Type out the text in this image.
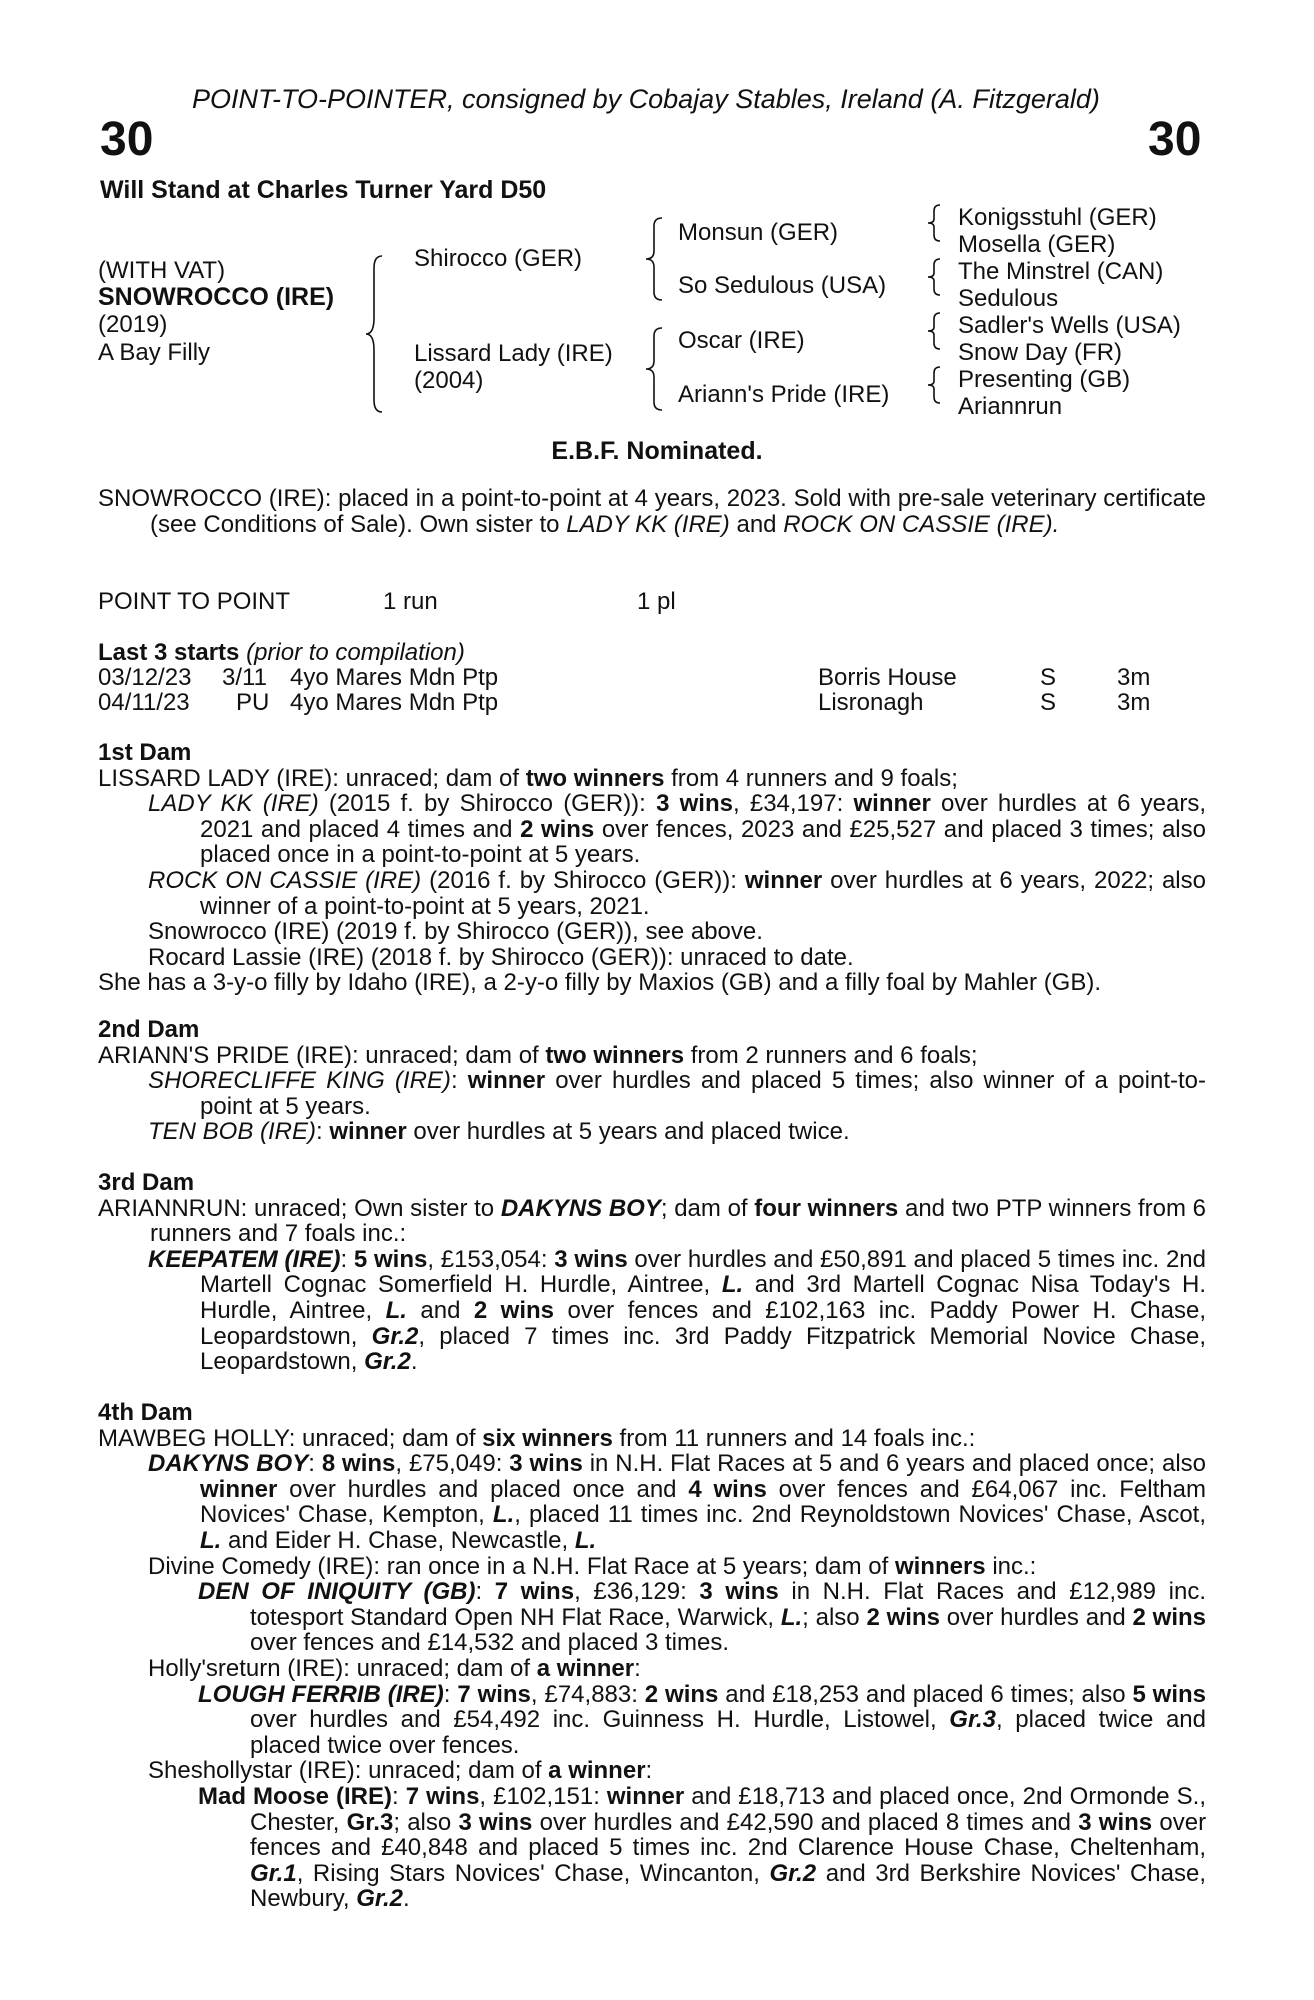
POINT-TO-POINTER, consigned by Cobajay Stables, Ireland (A. Fitzgerald)
30	30
Will Stand at Charles Turner Yard D50
(WITH VAT)
SNOWROCCO (IRE)
(2019)
A Bay Filly
Shirocco (GER)
Lissard Lady (IRE)
(2004)
Monsun (GER)
So Sedulous (USA)
Oscar (IRE)
Ariann's Pride (IRE)
Konigsstuhl (GER)
Mosella (GER)
The Minstrel (CAN)
Sedulous
Sadler's Wells (USA)
Snow Day (FR)
Presenting (GB)
Ariannrun
E.B.F. Nominated.

SNOWROCCO (IRE): placed in a point-to-point at 4 years, 2023. Sold with pre-sale veterinary certificate (see Conditions of Sale). Own sister to LADY KK (IRE) and ROCK ON CASSIE (IRE).

POINT TO POINT	1 run	1 pl
Last 3 starts (prior to compilation)
03/12/23 3/11 4yo Mares Mdn Ptp	Borris House	S	3m
04/11/23 PU 4yo Mares Mdn Ptp	Lisronagh	S	3m
1st Dam

LISSARD LADY (IRE): unraced; dam of two winners from 4 runners and 9 foals;

LADY KK (IRE) (2015 f. by Shirocco (GER)): 3 wins, £34,197: winner over hurdles at 6 years, 2021 and placed 4 times and 2 wins over fences, 2023 and £25,527 and placed 3 times; also placed once in a point-to-point at 5 years.

ROCK ON CASSIE (IRE) (2016 f. by Shirocco (GER)): winner over hurdles at 6 years, 2022; also winner of a point-to-point at 5 years, 2021.

Snowrocco (IRE) (2019 f. by Shirocco (GER)), see above.

Rocard Lassie (IRE) (2018 f. by Shirocco (GER)): unraced to date.

She has a 3-y-o filly by Idaho (IRE), a 2-y-o filly by Maxios (GB) and a filly foal by Mahler (GB).

2nd Dam

ARIANN'S PRIDE (IRE): unraced; dam of two winners from 2 runners and 6 foals;

SHORECLIFFE KING (IRE): winner over hurdles and placed 5 times; also winner of a point-to-point at 5 years.

TEN BOB (IRE): winner over hurdles at 5 years and placed twice.

3rd Dam

ARIANNRUN: unraced; Own sister to DAKYNS BOY; dam of four winners and two PTP winners from 6 runners and 7 foals inc.:

KEEPATEM (IRE): 5 wins, £153,054: 3 wins over hurdles and £50,891 and placed 5 times inc. 2nd Martell Cognac Somerfield H. Hurdle, Aintree, L. and 3rd Martell Cognac Nisa Today's H. Hurdle, Aintree, L. and 2 wins over fences and £102,163 inc. Paddy Power H. Chase, Leopardstown, Gr.2, placed 7 times inc. 3rd Paddy Fitzpatrick Memorial Novice Chase, Leopardstown, Gr.2.

4th Dam

MAWBEG HOLLY: unraced; dam of six winners from 11 runners and 14 foals inc.:

DAKYNS BOY: 8 wins, £75,049: 3 wins in N.H. Flat Races at 5 and 6 years and placed once; also winner over hurdles and placed once and 4 wins over fences and £64,067 inc. Feltham Novices' Chase, Kempton, L., placed 11 times inc. 2nd Reynoldstown Novices' Chase, Ascot, L. and Eider H. Chase, Newcastle, L.

Divine Comedy (IRE): ran once in a N.H. Flat Race at 5 years; dam of winners inc.:

DEN OF INIQUITY (GB): 7 wins, £36,129: 3 wins in N.H. Flat Races and £12,989 inc. totesport Standard Open NH Flat Race, Warwick, L.; also 2 wins over hurdles and 2 wins over fences and £14,532 and placed 3 times.

Holly'sreturn (IRE): unraced; dam of a winner:

LOUGH FERRIB (IRE): 7 wins, £74,883: 2 wins and £18,253 and placed 6 times; also 5 wins over hurdles and £54,492 inc. Guinness H. Hurdle, Listowel, Gr.3, placed twice and placed twice over fences.

Sheshollystar (IRE): unraced; dam of a winner:

Mad Moose (IRE): 7 wins, £102,151: winner and £18,713 and placed once, 2nd Ormonde S., Chester, Gr.3; also 3 wins over hurdles and £42,590 and placed 8 times and 3 wins over fences and £40,848 and placed 5 times inc. 2nd Clarence House Chase, Cheltenham, Gr.1, Rising Stars Novices' Chase, Wincanton, Gr.2 and 3rd Berkshire Novices' Chase, Newbury, Gr.2.
